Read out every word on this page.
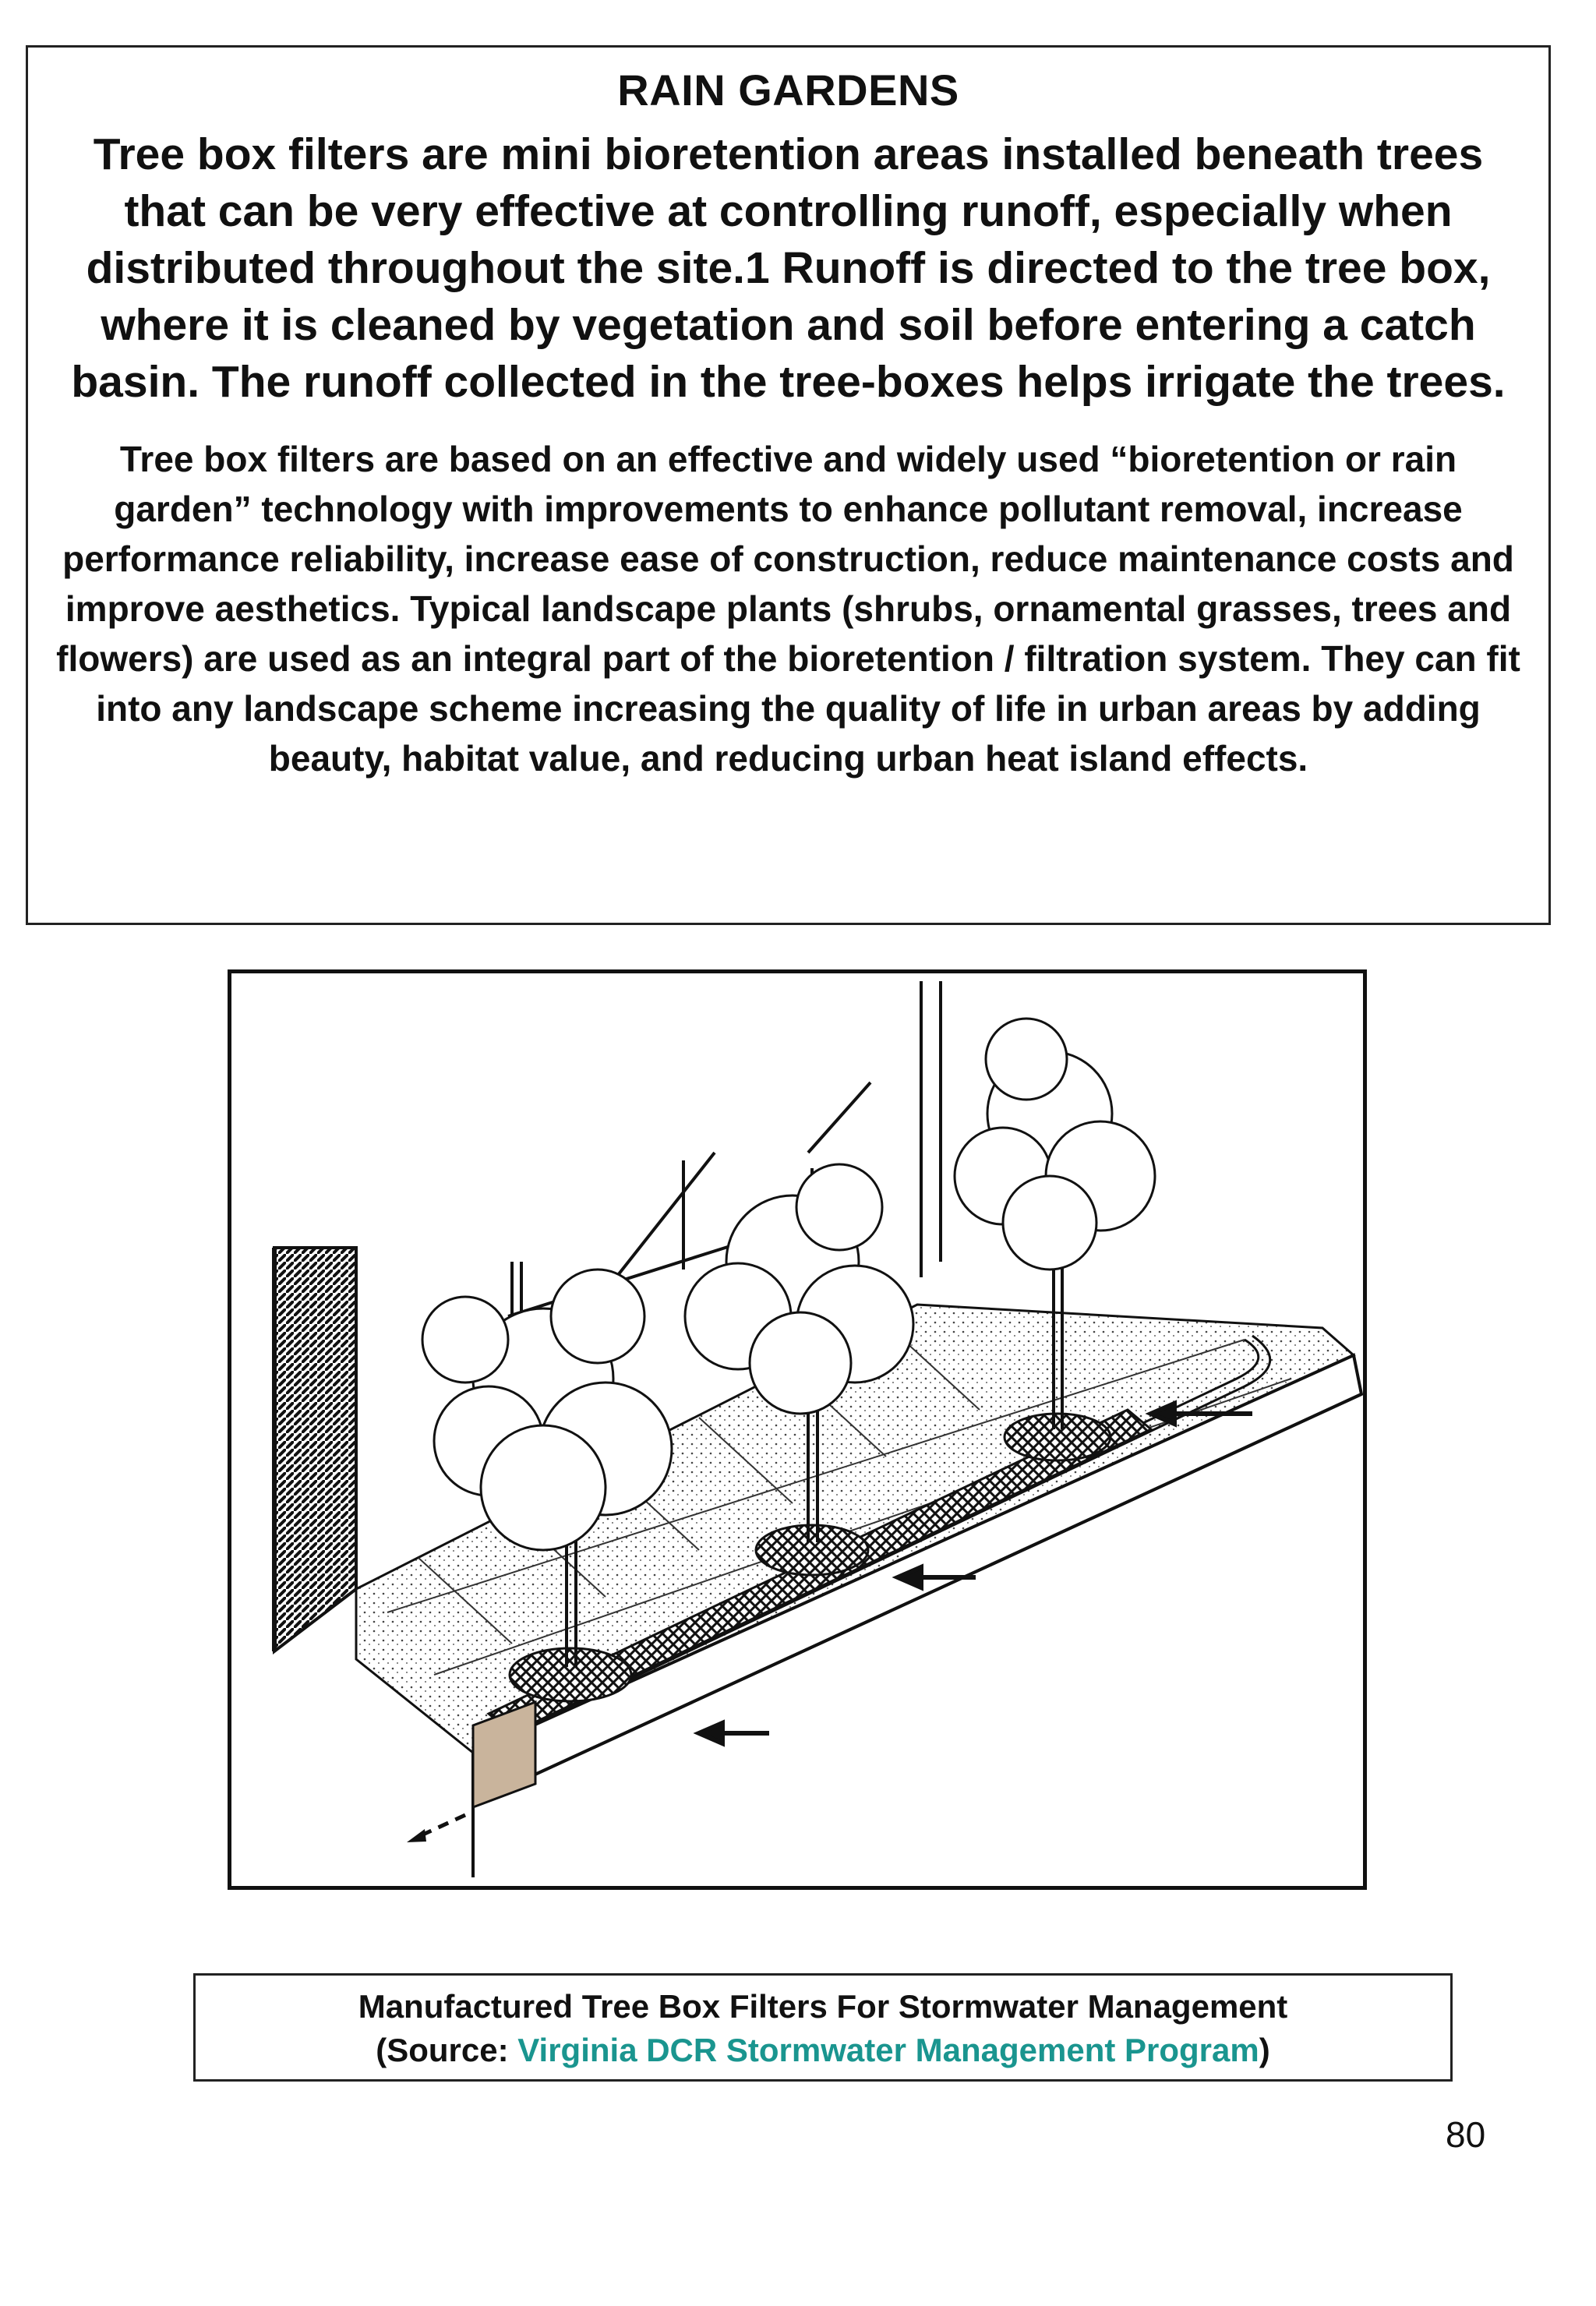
RAIN GARDENS

Tree box filters are mini bioretention areas installed beneath trees that can be very effective at controlling runoff, especially when distributed throughout the site.1 Runoff is directed to the tree box, where it is cleaned by vegetation and soil before entering a catch basin. The runoff collected in the tree-boxes helps irrigate the trees.

Tree box filters are based on an effective and widely used “bioretention or rain garden” technology with improvements to enhance pollutant removal, increase performance reliability, increase ease of construction, reduce maintenance costs and improve aesthetics. Typical landscape plants (shrubs, ornamental grasses, trees and flowers) are used as an integral part of the bioretention / filtration system. They can fit into any landscape scheme increasing the quality of life in urban areas by adding beauty, habitat value, and reducing urban heat island effects.

Manufactured Tree Box Filters For Stormwater Management
(Source: Virginia DCR Stormwater Management Program)
80
